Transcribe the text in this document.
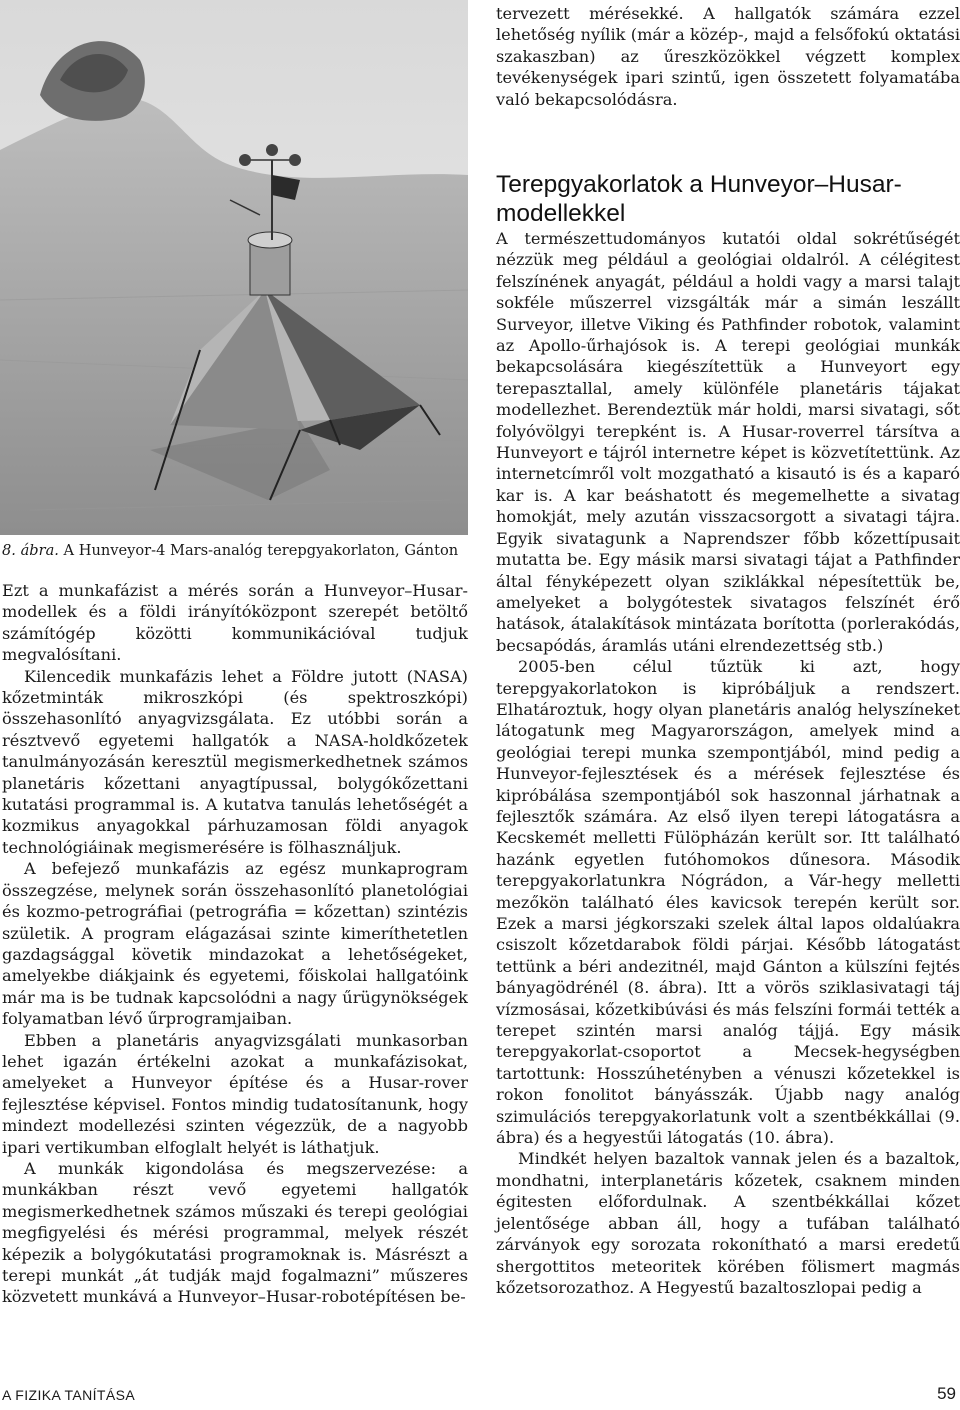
8. ábra. A Hunveyor-4 Mars-analóg terepgyakorlaton, Gánton

Ezt a munkafázist a mérés során a Hunveyor–Husar-modellek és a földi irányítóközpont szerepét betöltő számítógép közötti kommunikációval tudjuk megvalósítani.

Kilencedik munkafázis lehet a Földre jutott (NASA) kőzetminták mikroszkópi (és spektroszkópi) összehasonlító anyagvizsgálata. Ez utóbbi során a résztvevő egyetemi hallgatók a NASA-holdkőzetek tanulmányozásán keresztül megismerkedhetnek számos planetáris kőzettani anyagtípussal, bolygókőzettani kutatási programmal is. A kutatva tanulás lehetőségét a kozmikus anyagokkal párhuzamosan földi anyagok technológiáinak megismerésére is fölhasználjuk.

A befejező munkafázis az egész munkaprogram összegzése, melynek során összehasonlító planetológiai és kozmo-petrográfiai (petrográfia = kőzettan) szintézis születik. A program elágazásai szinte kimeríthetetlen gazdagsággal követik mindazokat a lehetőségeket, amelyekbe diákjaink és egyetemi, főiskolai hallgatóink már ma is be tudnak kapcsolódni a nagy űrügynökségek folyamatban lévő űrprogramjaiban.

Ebben a planetáris anyagvizsgálati munkasorban lehet igazán értékelni azokat a munkafázisokat, amelyeket a Hunveyor építése és a Husar-rover fejlesztése képvisel. Fontos mindig tudatosítanunk, hogy mindezt modellezési szinten végezzük, de a nagyobb ipari vertikumban elfoglalt helyét is láthatjuk.

A munkák kigondolása és megszervezése: a munkákban részt vevő egyetemi hallgatók megismerkedhetnek számos műszaki és terepi geológiai megfigyelési és mérési programmal, melyek részét képezik a bolygókutatási programoknak is. Másrészt a terepi munkát „át tudják majd fogalmazni” műszeres közvetett munkává a Hunveyor–Husar-robotépítésen be-

tervezett mérésekké. A hallgatók számára ezzel lehetőség nyílik (már a közép-, majd a felsőfokú oktatási szakaszban) az űreszközökkel végzett komplex tevékenységek ipari szintű, igen összetett folyamatába való bekapcsolódásra.

Terepgyakorlatok a Hunveyor–Husar-modellekkel

A természettudományos kutatói oldal sokrétűségét nézzük meg például a geológiai oldalról. A célégitest felszínének anyagát, például a holdi vagy a marsi talajt sokféle műszerrel vizsgálták már a simán leszállt Surveyor, illetve Viking és Pathfinder robotok, valamint az Apollo-űrhajósok is. A terepi geológiai munkák bekapcsolására kiegészítettük a Hunveyort egy terepasztallal, amely különféle planetáris tájakat modellezhet. Berendeztük már holdi, marsi sivatagi, sőt folyóvölgyi terepként is. A Husar-roverrel társítva a Hunveyort e tájról internetre képet is közvetítettünk. Az internetcímről volt mozgatható a kisautó is és a kaparó kar is. A kar beáshatott és megemelhette a sivatag homokját, mely azután visszacsorgott a sivatagi tájra. Egyik sivatagunk a Naprendszer főbb kőzettípusait mutatta be. Egy másik marsi sivatagi tájat a Pathfinder által fényképezett olyan sziklákkal népesítettük be, amelyeket a bolygótestek sivatagos felszínét érő hatások, átalakítások mintázata borította (porlerakódás, becsapódás, áramlás utáni elrendezettség stb.)

2005-ben célul tűztük ki azt, hogy terepgyakorlatokon is kipróbáljuk a rendszert. Elhatároztuk, hogy olyan planetáris analóg helyszíneket látogatunk meg Magyarországon, amelyek mind a geológiai terepi munka szempontjából, mind pedig a Hunveyor-fejlesztések és a mérések fejlesztése és kipróbálása szempontjából sok haszonnal járhatnak a fejlesztők számára. Az első ilyen terepi látogatásra a Kecskemét melletti Fülöpházán került sor. Itt található hazánk egyetlen futóhomokos dűnesora. Második terepgyakorlatunkra Nógrádon, a Vár-hegy melletti mezőkön található éles kavicsok terepén került sor. Ezek a marsi jégkorszaki szelek által lapos oldalúakra csiszolt kőzetdarabok földi párjai. Később látogatást tettünk a béri andezitnél, majd Gánton a külszíni fejtés bányagödrénél (8. ábra). Itt a vörös sziklasivatagi táj vízmosásai, kőzetkibúvási és más felszíni formái tették a terepet szintén marsi analóg tájjá. Egy másik terepgyakorlat-csoportot a Mecsek-hegységben tartottunk: Hosszúhetényben a vénuszi kőzetekkel is rokon fonolitot bányásszák. Újabb nagy analóg szimulációs terepgyakorlatunk volt a szentbékkállai (9. ábra) és a hegyestűi látogatás (10. ábra).

Mindkét helyen bazaltok vannak jelen és a bazaltok, mondhatni, interplanetáris kőzetek, csaknem minden égitesten előfordulnak. A szentbékkállai kőzet jelentősége abban áll, hogy a tufában található zárványok egy sorozata rokonítható a marsi eredetű shergottitos meteoritek körében fölismert magmás kőzetsorozathoz. A Hegyestű bazaltoszlopai pedig a

A FIZIKA TANÍTÁSA	59
